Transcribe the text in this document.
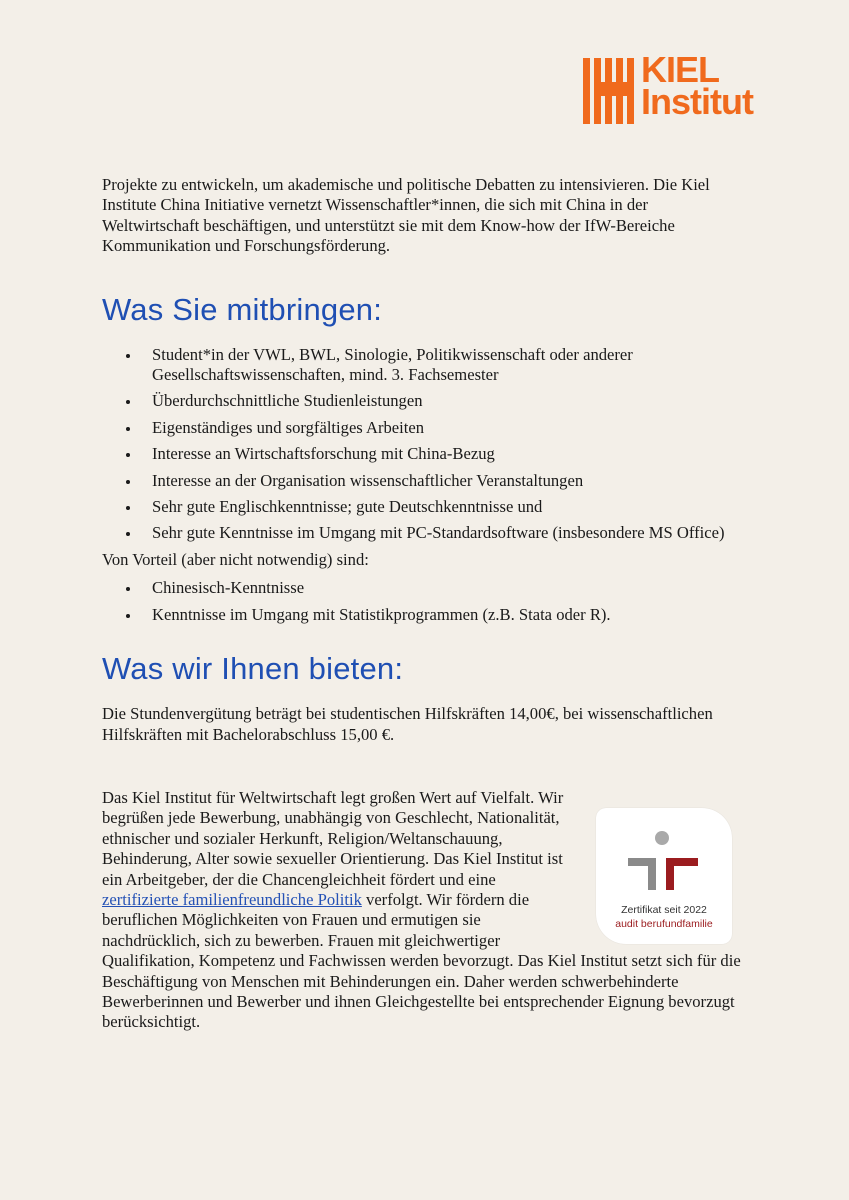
KIEL
Institut

Projekte zu entwickeln, um akademische und politische Debatten zu intensivieren. Die Kiel Institute China Initiative vernetzt Wissenschaftler*innen, die sich mit China in der Weltwirtschaft beschäftigen, und unterstützt sie mit dem Know-how der IfW-Bereiche Kommunikation und Forschungsförderung.

Was Sie mitbringen:
Student*in der VWL, BWL, Sinologie, Politikwissenschaft oder anderer Gesellschaftswissenschaften, mind. 3. Fachsemester
Überdurchschnittliche Studienleistungen
Eigenständiges und sorgfältiges Arbeiten
Interesse an Wirtschaftsforschung mit China-Bezug
Interesse an der Organisation wissenschaftlicher Veranstaltungen
Sehr gute Englischkenntnisse; gute Deutschkenntnisse und
Sehr gute Kenntnisse im Umgang mit PC-Standardsoftware (insbesondere MS Office)

Von Vorteil (aber nicht notwendig) sind:

Chinesisch-Kenntnisse
Kenntnisse im Umgang mit Statistikprogrammen (z.B. Stata oder R).
Was wir Ihnen bieten:

Die Stundenvergütung beträgt bei studentischen Hilfskräften 14,00€, bei wissenschaftlichen Hilfskräften mit Bachelorabschluss 15,00 €.

Zertifikat seit 2022
audit berufundfamilie

Das Kiel Institut für Weltwirtschaft legt großen Wert auf Vielfalt. Wir begrüßen jede Bewerbung, unabhängig von Geschlecht, Nationalität, ethnischer und sozialer Herkunft, Religion/Weltanschauung, Behinderung, Alter sowie sexueller Orientierung. Das Kiel Institut ist ein Arbeitgeber, der die Chancengleichheit fördert und eine zertifizierte familienfreundliche Politik verfolgt. Wir fördern die beruflichen Möglichkeiten von Frauen und ermutigen sie nachdrücklich, sich zu bewerben. Frauen mit gleichwertiger Qualifikation, Kompetenz und Fachwissen werden bevorzugt. Das Kiel Institut setzt sich für die Beschäftigung von Menschen mit Behinderungen ein. Daher werden schwerbehinderte Bewerberinnen und Bewerber und ihnen Gleichgestellte bei entsprechender Eignung bevorzugt berücksichtigt.
